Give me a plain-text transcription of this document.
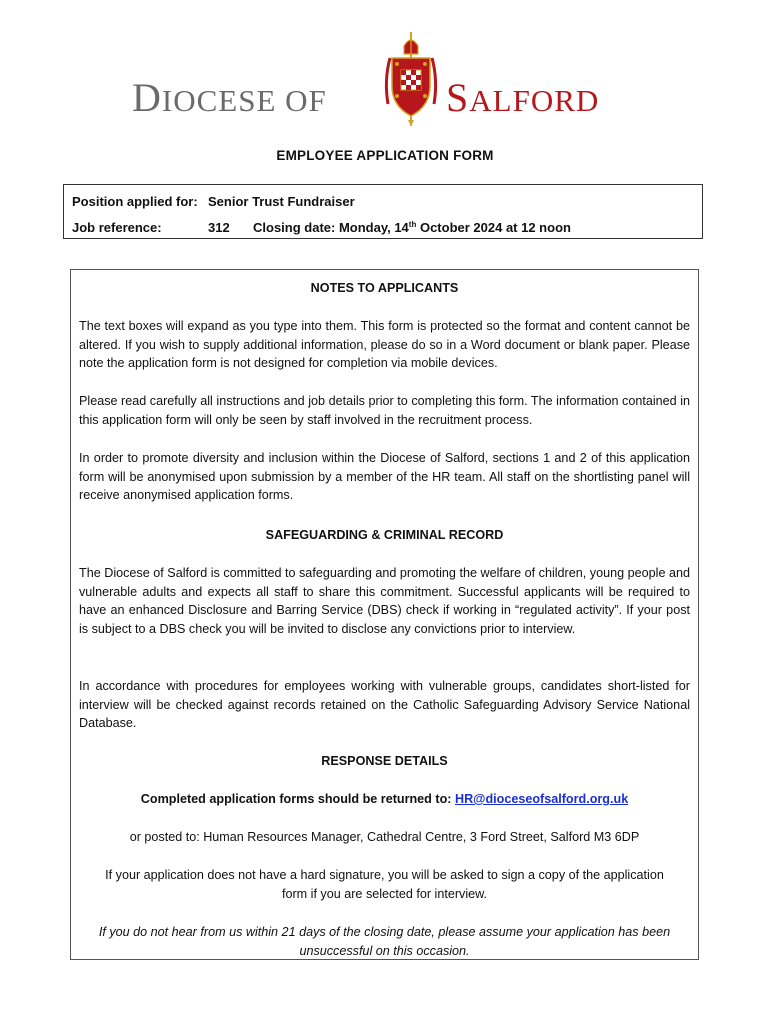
DIOCESE OF	SALFORD
EMPLOYEE APPLICATION FORM
Position applied for: Senior Trust Fundraiser
Job reference:	312 Closing date: Monday, 14th October 2024 at 12 noon

NOTES TO APPLICANTS

The text boxes will expand as you type into them. This form is protected so the format and content cannot be altered. If you wish to supply additional information, please do so in a Word document or blank paper. Please note the application form is not designed for completion via mobile devices.

Please read carefully all instructions and job details prior to completing this form. The information contained in this application form will only be seen by staff involved in the recruitment process.

In order to promote diversity and inclusion within the Diocese of Salford, sections 1 and 2 of this application form will be anonymised upon submission by a member of the HR team. All staff on the shortlisting panel will receive anonymised application forms.

SAFEGUARDING & CRIMINAL RECORD

The Diocese of Salford is committed to safeguarding and promoting the welfare of children, young people and vulnerable adults and expects all staff to share this commitment. Successful applicants will be required to have an enhanced Disclosure and Barring Service (DBS) check if working in “regulated activity”. If your post is subject to a DBS check you will be invited to disclose any convictions prior to interview.

In accordance with procedures for employees working with vulnerable groups, candidates short-listed for interview will be checked against records retained on the Catholic Safeguarding Advisory Service National Database.

RESPONSE DETAILS

Completed application forms should be returned to: HR@dioceseofsalford.org.uk

or posted to: Human Resources Manager, Cathedral Centre, 3 Ford Street, Salford M3 6DP

If your application does not have a hard signature, you will be asked to sign a copy of the application form if you are selected for interview.

If you do not hear from us within 21 days of the closing date, please assume your application has been unsuccessful on this occasion.
